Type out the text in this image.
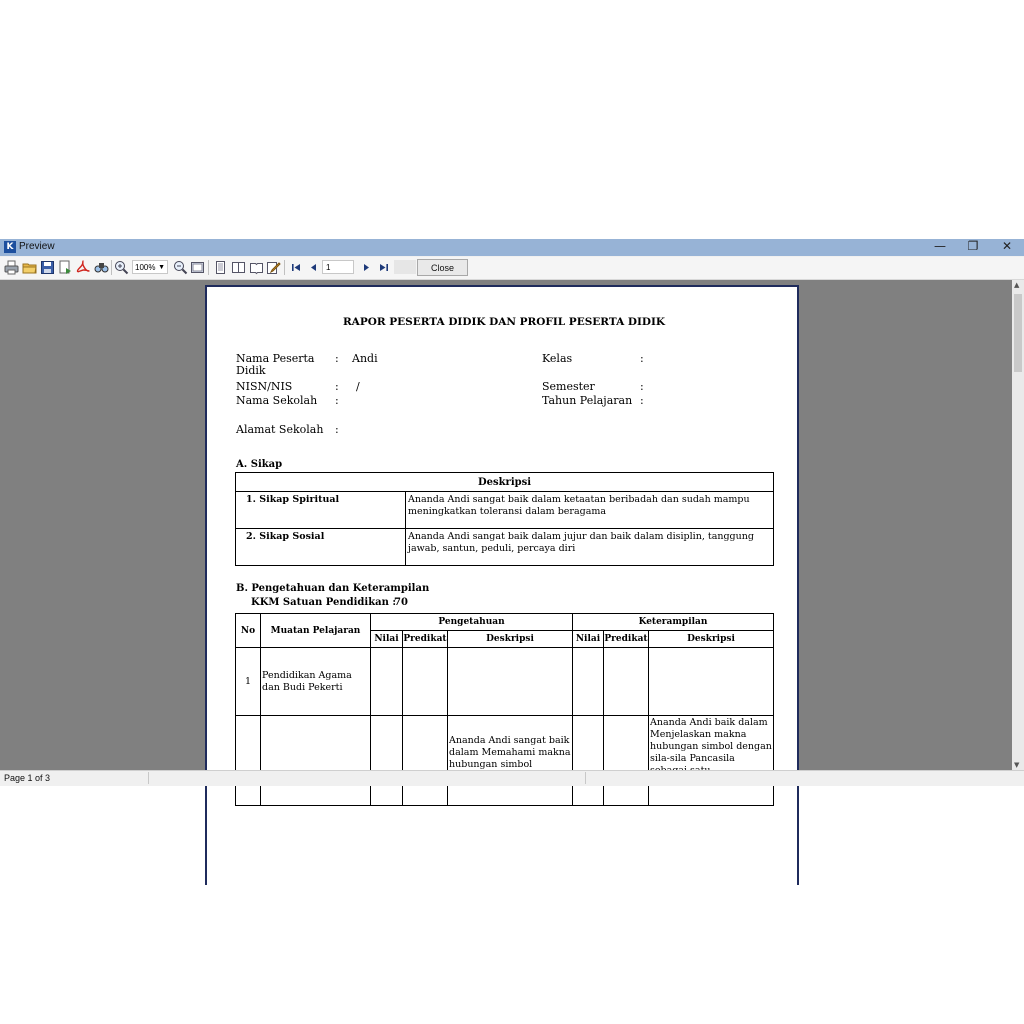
K Preview	—	❐	✕
100% ▼	1	Close
RAPOR PESERTA DIDIK DAN PROFIL PESERTA DIDIK
Nama Peserta Didik
: Andi	Kelas	:
NISN/NIS	: /	Semester	:
Nama Sekolah :	Tahun Pelajaran :
Alamat Sekolah :
A. Sikap
Deskripsi	
1. Sikap Spiritual	Ananda Andi sangat baik dalam ketaatan beribadah dan sudah mampu meningkatkan toleransi dalam beragama
2. Sikap Sosial	Ananda Andi sangat baik dalam jujur dan baik dalam disiplin, tanggung jawab, santun, peduli, percaya diri
B. Pengetahuan dan Keterampilan
KKM Satuan Pendidikan :
70
No	Muatan Pelajaran	Pengetahuan			Keterampilan		
		Nilai	Predikat	Deskripsi	Nilai	Predikat	Deskripsi
1	Pendidikan Agama dan Budi Pekerti						
				Ananda Andi sangat baik dalam Memahami makna hubungan simbol			Ananda Andi baik dalam Menjelaskan makna hubungan simbol dengan sila-sila Pancasila
▲
▼
Page 1 of 3
